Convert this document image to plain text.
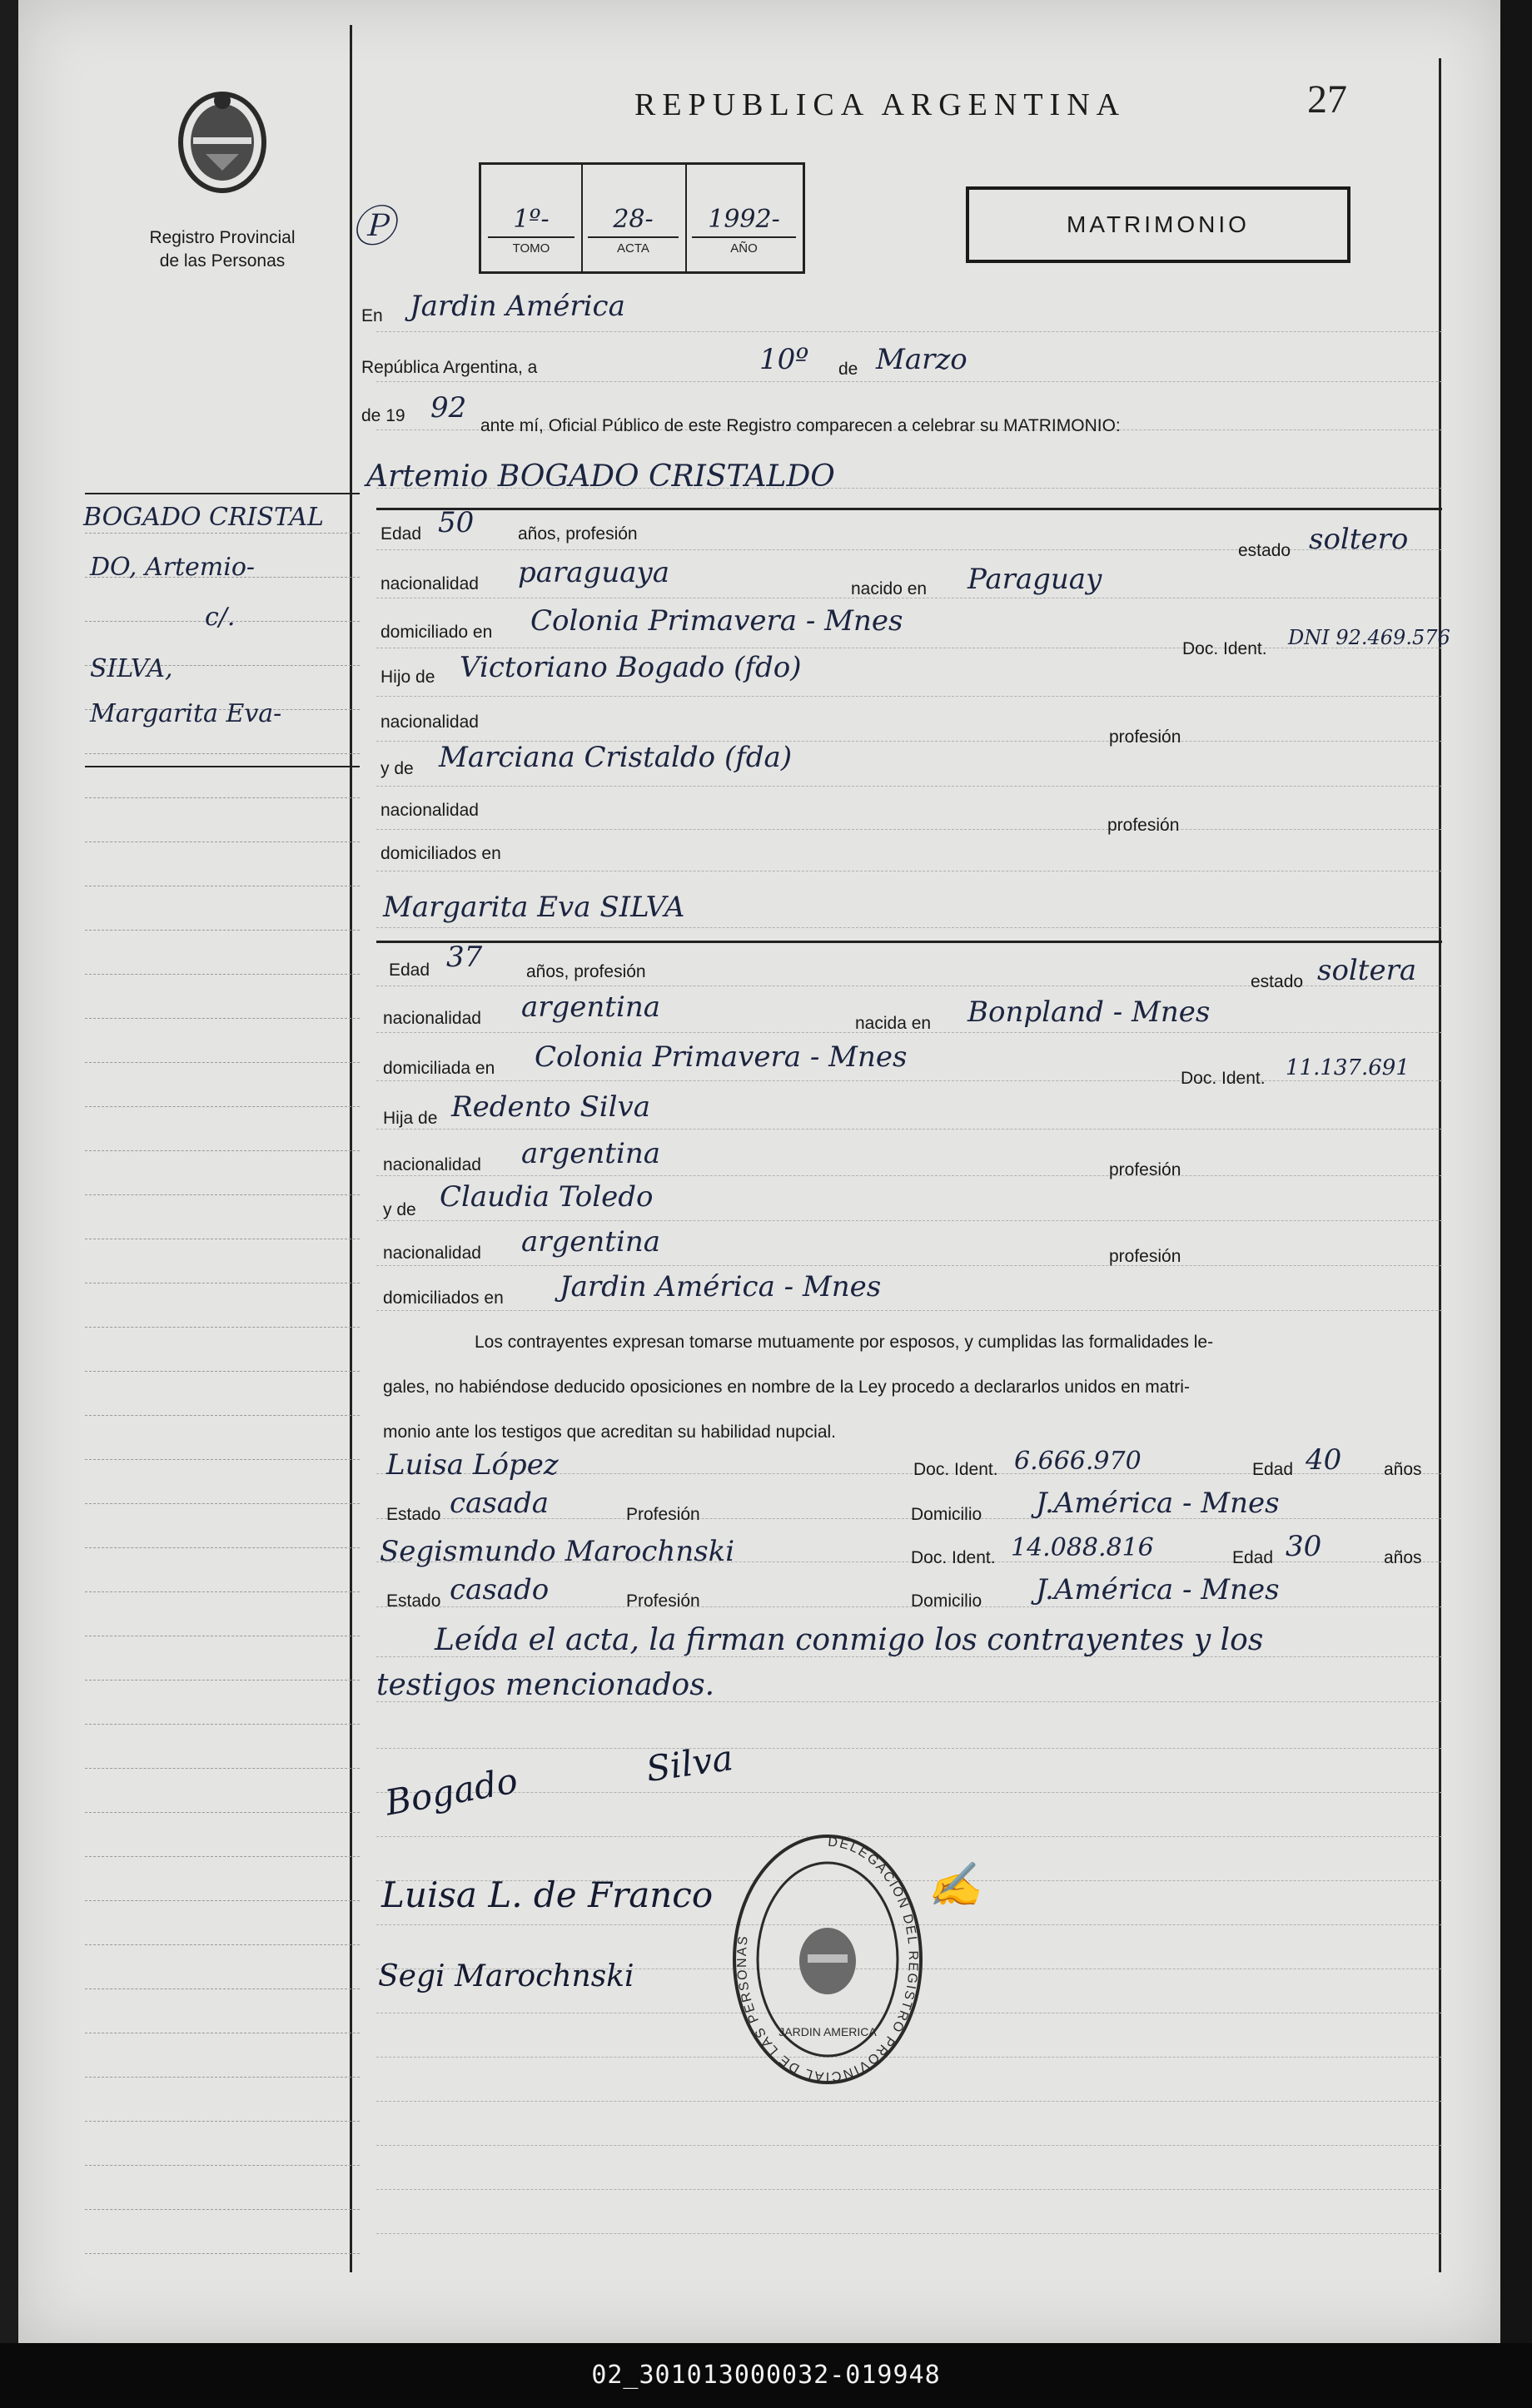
Registro Provincial
de las Personas
REPUBLICA ARGENTINA	27
MATRIMONIO
Ⓟ	1º-
TOMO
28-
ACTA
1992-
AÑO
BOGADO CRISTAL
DO, Artemio-
c/.
SILVA,
Margarita Eva-
En Jardin América
República Argentina, a	10º de Marzo
de 19 92
ante mí, Oficial Público de este Registro comparecen a celebrar su MATRIMONIO:
Artemio BOGADO CRISTALDO
Edad 50	años, profesión
estado soltero
nacionalidad paraguaya	nacido en Paraguay
domiciliado en Colonia Primavera - Mnes
Doc. Ident. DNI 92.469.576
Hijo de Victoriano Bogado (fdo)
nacionalidad
profesión
y de Marciana Cristaldo (fda)
nacionalidad
profesión
domiciliados en
Margarita Eva SILVA
Edad 37	años, profesión
estado soltera
nacionalidad argentina	nacida en Bonpland - Mnes
domiciliada en Colonia Primavera - Mnes
Doc. Ident. 11.137.691
Hija de Redento Silva
nacionalidad argentina	profesión
y de Claudia Toledo
nacionalidad argentina	profesión
domiciliados en Jardin América - Mnes
Los contrayentes expresan tomarse mutuamente por esposos, y cumplidas las formalidades le-
gales, no habiéndose deducido oposiciones en nombre de la Ley procedo a declararlos unidos en matri-
monio ante los testigos que acreditan su habilidad nupcial.
Luisa López	Doc. Ident. 6.666.970	Edad 40 años
Estado casada	Profesión	Domicilio J.América - Mnes
Segismundo Marochnski	Doc. Ident. 14.088.816	Edad 30	años
Estado casado	Profesión	Domicilio J.América - Mnes
Leída el acta, la firman conmigo los contrayentes y los
testigos mencionados.
Bogado	Silva
Luisa L. de Franco
Segi Marochnski
DELEGACION DEL REGISTRO PROVINCIAL DE LAS PERSONAS
JARDIN AMERICA
✍
02_301013000032-019948
